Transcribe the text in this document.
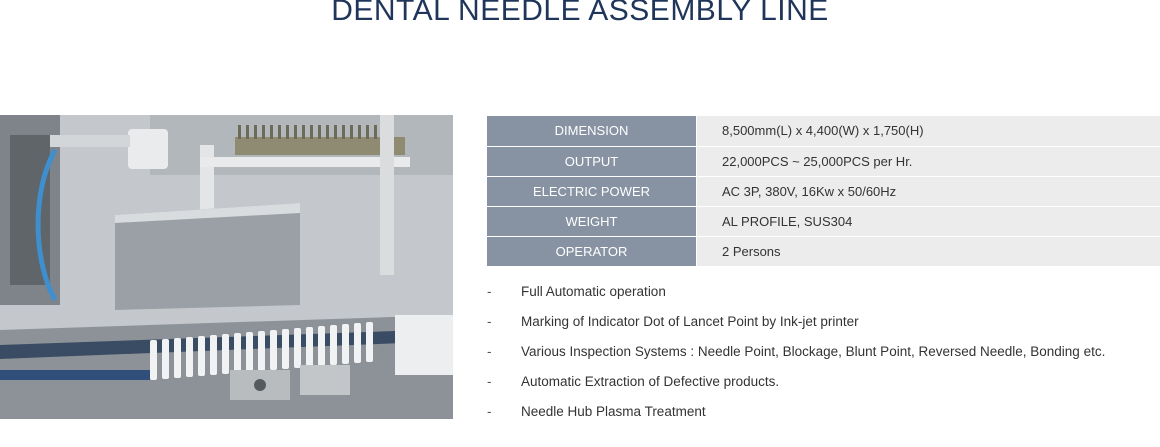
DENTAL NEEDLE ASSEMBLY LINE
DIMENSION	8,500mm(L) x 4,400(W) x 1,750(H)
OUTPUT	22,000PCS ~ 25,000PCS per Hr.
ELECTRIC POWER	AC 3P, 380V, 16Kw x 50/60Hz
WEIGHT	AL PROFILE, SUS304
OPERATOR	2 Persons
-	Full Automatic operation
-	Marking of Indicator Dot of Lancet Point by Ink-jet printer
-	Various Inspection Systems : Needle Point, Blockage, Blunt Point, Reversed Needle, Bonding etc.
-	Automatic Extraction of Defective products.
-	Needle Hub Plasma Treatment
